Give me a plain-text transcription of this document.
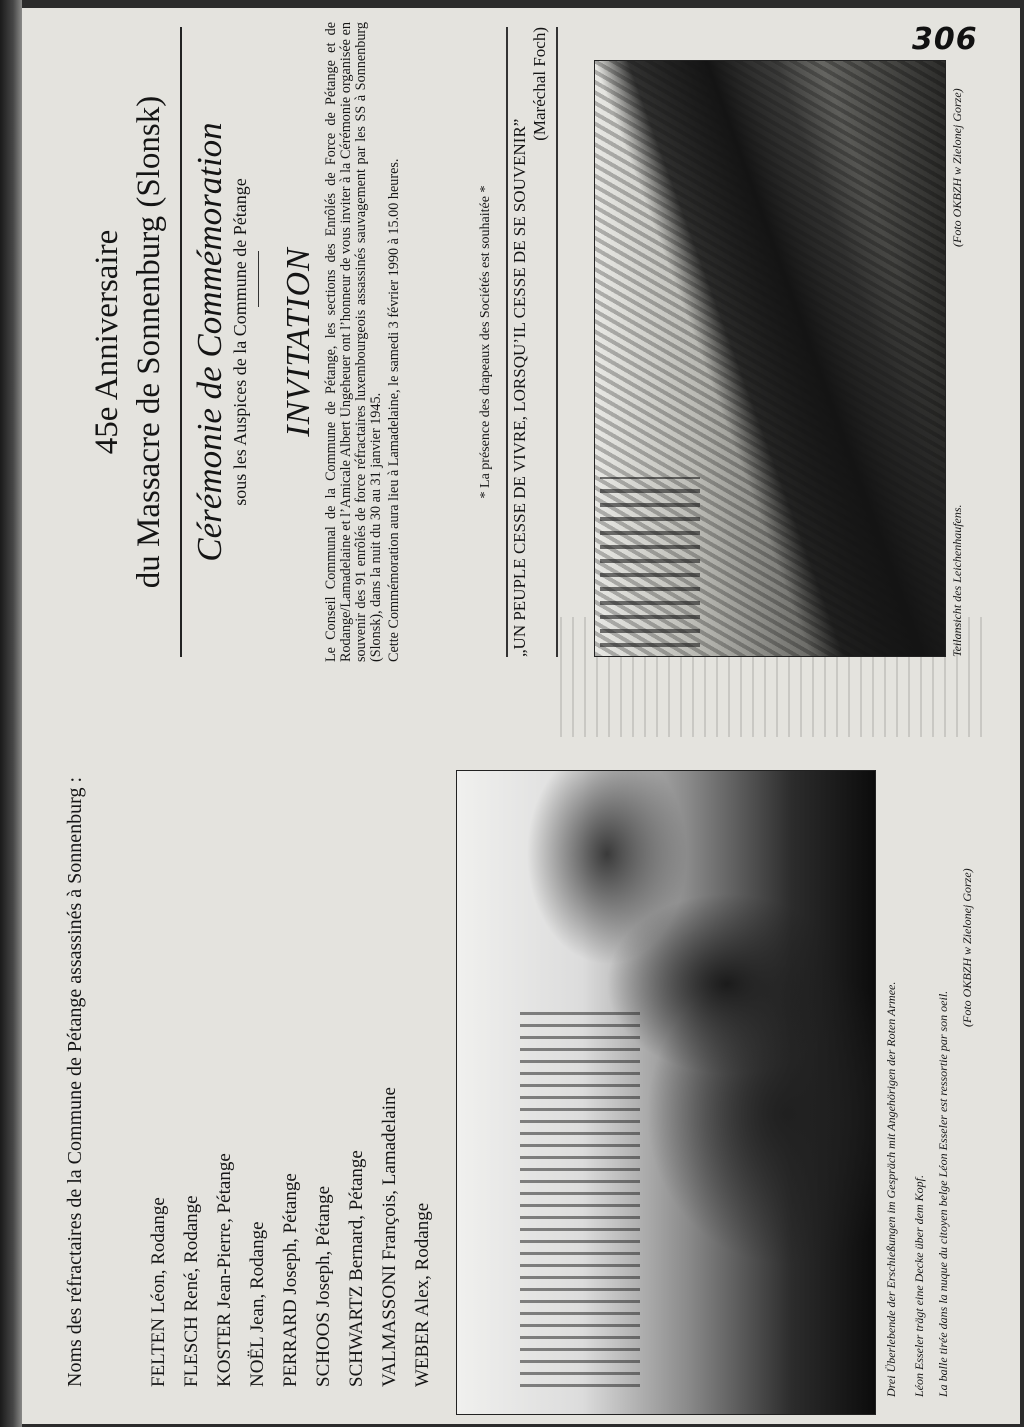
306
Noms des réfractaires de la Commune de Pétange assassinés à Sonnenburg :	FELTEN Léon, Rodange
FLESCH René, Rodange
KOSTER Jean-Pierre, Pétange
NOËL Jean, Rodange
PERRARD Joseph, Pétange
SCHOOS Joseph, Pétange
SCHWARTZ Bernard, Pétange
VALMASSONI François, Lamadelaine
WEBER Alex, Rodange	Drei Überlebende der Erschießungen im Gespräch mit Angehörigen der Roten Armee. Léon Esseler trägt eine Decke über dem Kopf. La balle tirée dans la nuque du citoyen belge Léon Esseler est ressortie par son oeil.
(Foto OKBZH w Zielonej Gorze)
45e Anniversaire du Massacre de Sonnenburg (Slonsk) Cérémonie de Commémoration sous les Auspices de la Commune de Pétange INVITATION Le Conseil Communal de la Commune de Pétange, les sections des Enrôlés de Force de Pétange et de Rodange/Lamadelaine et l’Amicale Albert Ungeheuer ont l’honneur de vous inviter à la Cérémonie organisée en souvenir des 91 enrôlés de force réfractaires luxembourgeois assassinés sauvagement par les SS à Sonnenburg (Slonsk), dans la nuit du 30 au 31 janvier 1945. Cette Commémoration aura lieu à Lamadelaine, le samedi 3 février 1990 à 15.00 heures.	* La présence des drapeaux des Sociétés est souhaitée * „UN PEUPLE CESSE DE VIVRE, LORSQU’IL CESSE DE SE SOUVENIR”
(Maréchal Foch)
Teilansicht des Leichenhaufens.
(Foto OKBZH w Zielonej Gorze)
